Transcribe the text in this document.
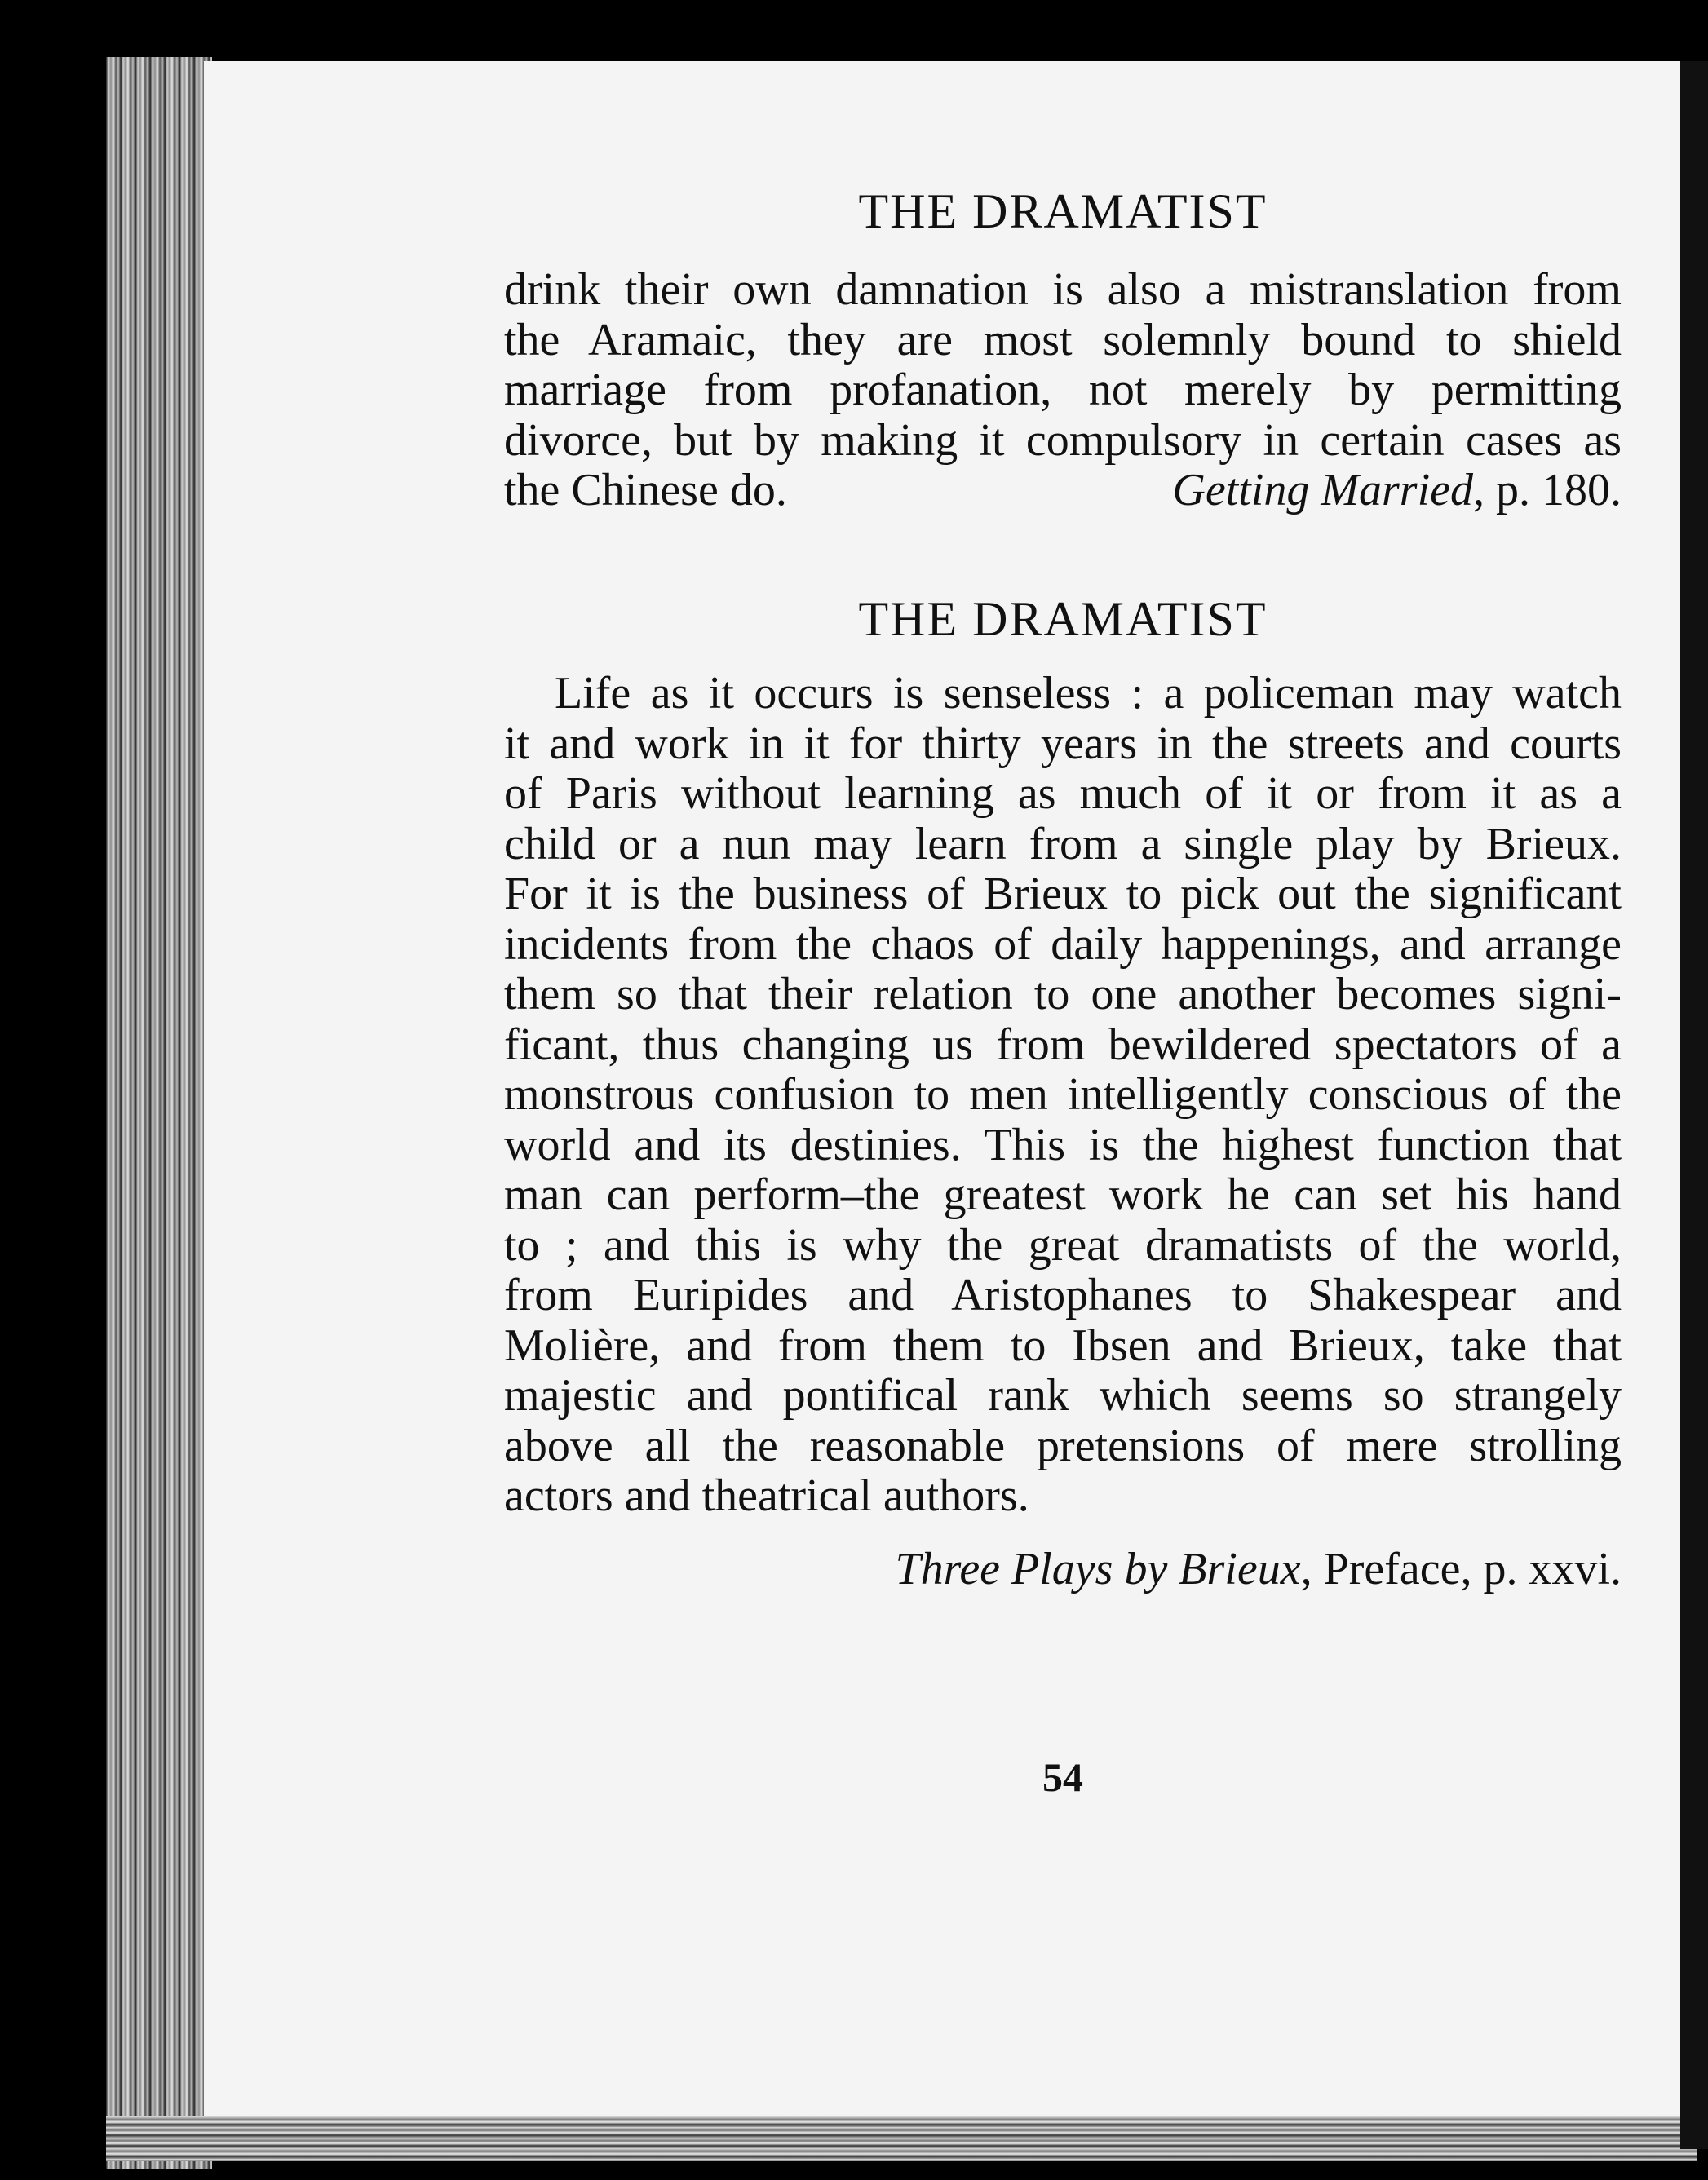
THE DRAMATIST
drink their own damnation is also a mistranslation from
the Aramaic, they are most solemnly bound to shield
marriage from profanation, not merely by permitting
divorce, but by making it compulsory in certain cases as
the Chinese do.	Getting Married, p. 180.
THE DRAMATIST
Life as it occurs is senseless : a policeman may watch
it and work in it for thirty years in the streets and courts
of Paris without learning as much of it or from it as a
child or a nun may learn from a single play by Brieux.
For it is the business of Brieux to pick out the significant
incidents from the chaos of daily happenings, and arrange
them so that their relation to one another becomes signi-
ficant, thus changing us from bewildered spectators of a
monstrous confusion to men intelligently conscious of the
world and its destinies. This is the highest function that
man can perform–the greatest work he can set his hand
to ; and this is why the great dramatists of the world,
from Euripides and Aristophanes to Shakespear and
Molière, and from them to Ibsen and Brieux, take that
majestic and pontifical rank which seems so strangely
above all the reasonable pretensions of mere strolling
actors and theatrical authors.
Three Plays by Brieux, Preface, p. xxvi.
54
